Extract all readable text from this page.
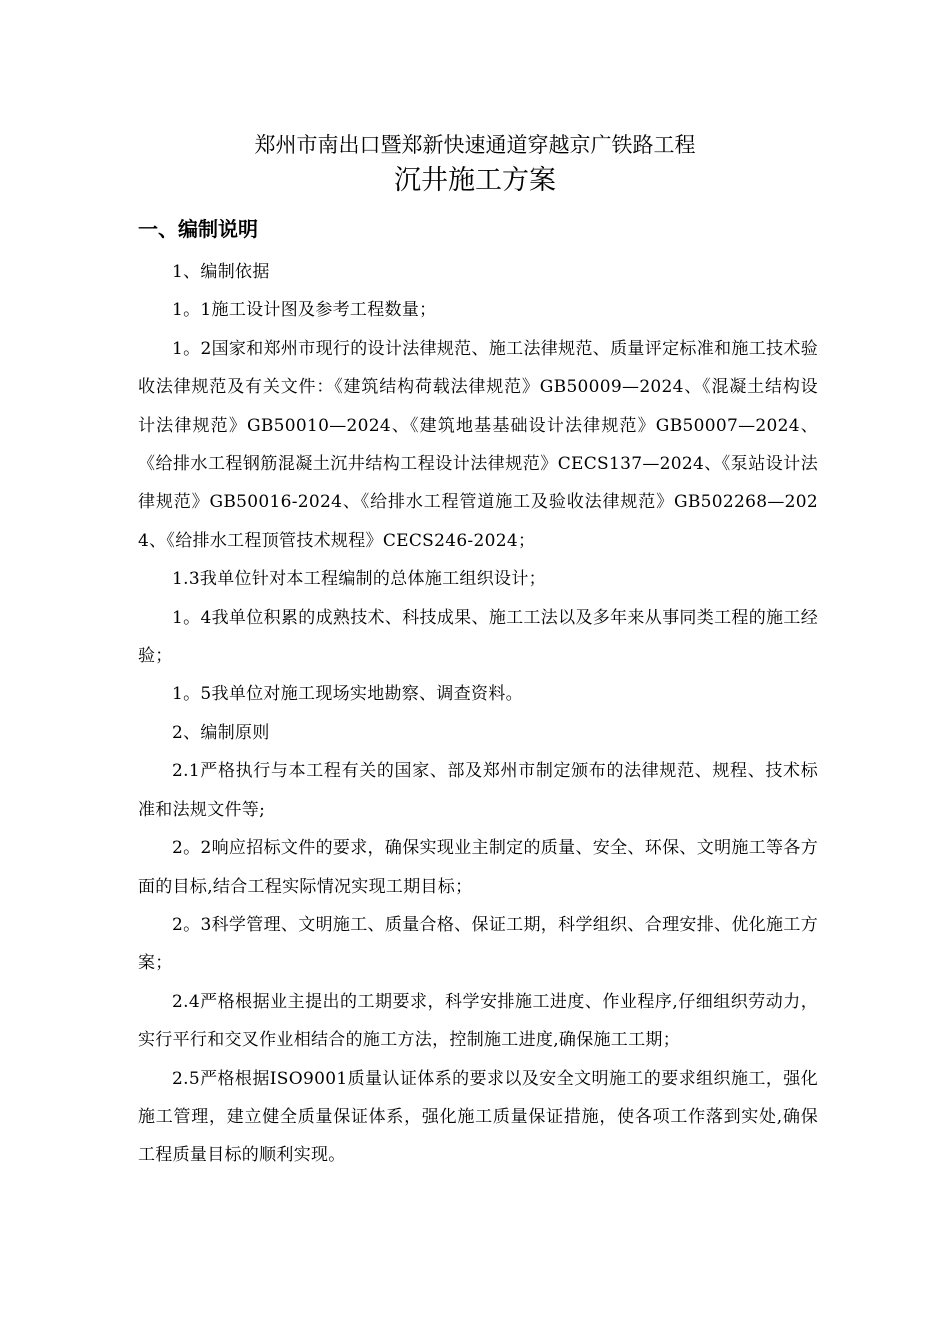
郑州市南出口暨郑新快速通道穿越京广铁路工程
沉井施工方案
一、编制说明

1、编制依据

1。1施工设计图及参考工程数量；

1。2国家和郑州市现行的设计法律规范、施工法律规范、质量评定标准和施工技术验收法律规范及有关文件：《建筑结构荷载法律规范》GB50009—2024、《混凝土结构设计法律规范》GB50010—2024、《建筑地基基础设计法律规范》GB50007—2024、《给排水工程钢筋混凝土沉井结构工程设计法律规范》CECS137—2024、《泵站设计法律规范》GB50016-2024、《给排水工程管道施工及验收法律规范》GB502268—2024、《给排水工程顶管技术规程》CECS246-2024；

1.3我单位针对本工程编制的总体施工组织设计；

1。4我单位积累的成熟技术、科技成果、施工工法以及多年来从事同类工程的施工经验；

1。5我单位对施工现场实地勘察、调查资料。

2、编制原则

2.1严格执行与本工程有关的国家、部及郑州市制定颁布的法律规范、规程、技术标准和法规文件等;

2。2响应招标文件的要求，确保实现业主制定的质量、安全、环保、文明施工等各方面的目标,结合工程实际情况实现工期目标；

2。3科学管理、文明施工、质量合格、保证工期，科学组织、合理安排、优化施工方案；

2.4严格根据业主提出的工期要求，科学安排施工进度、作业程序,仔细组织劳动力，实行平行和交叉作业相结合的施工方法，控制施工进度,确保施工工期；

2.5严格根据ISO9001质量认证体系的要求以及安全文明施工的要求组织施工，强化施工管理，建立健全质量保证体系，强化施工质量保证措施，使各项工作落到实处,确保工程质量目标的顺利实现。
